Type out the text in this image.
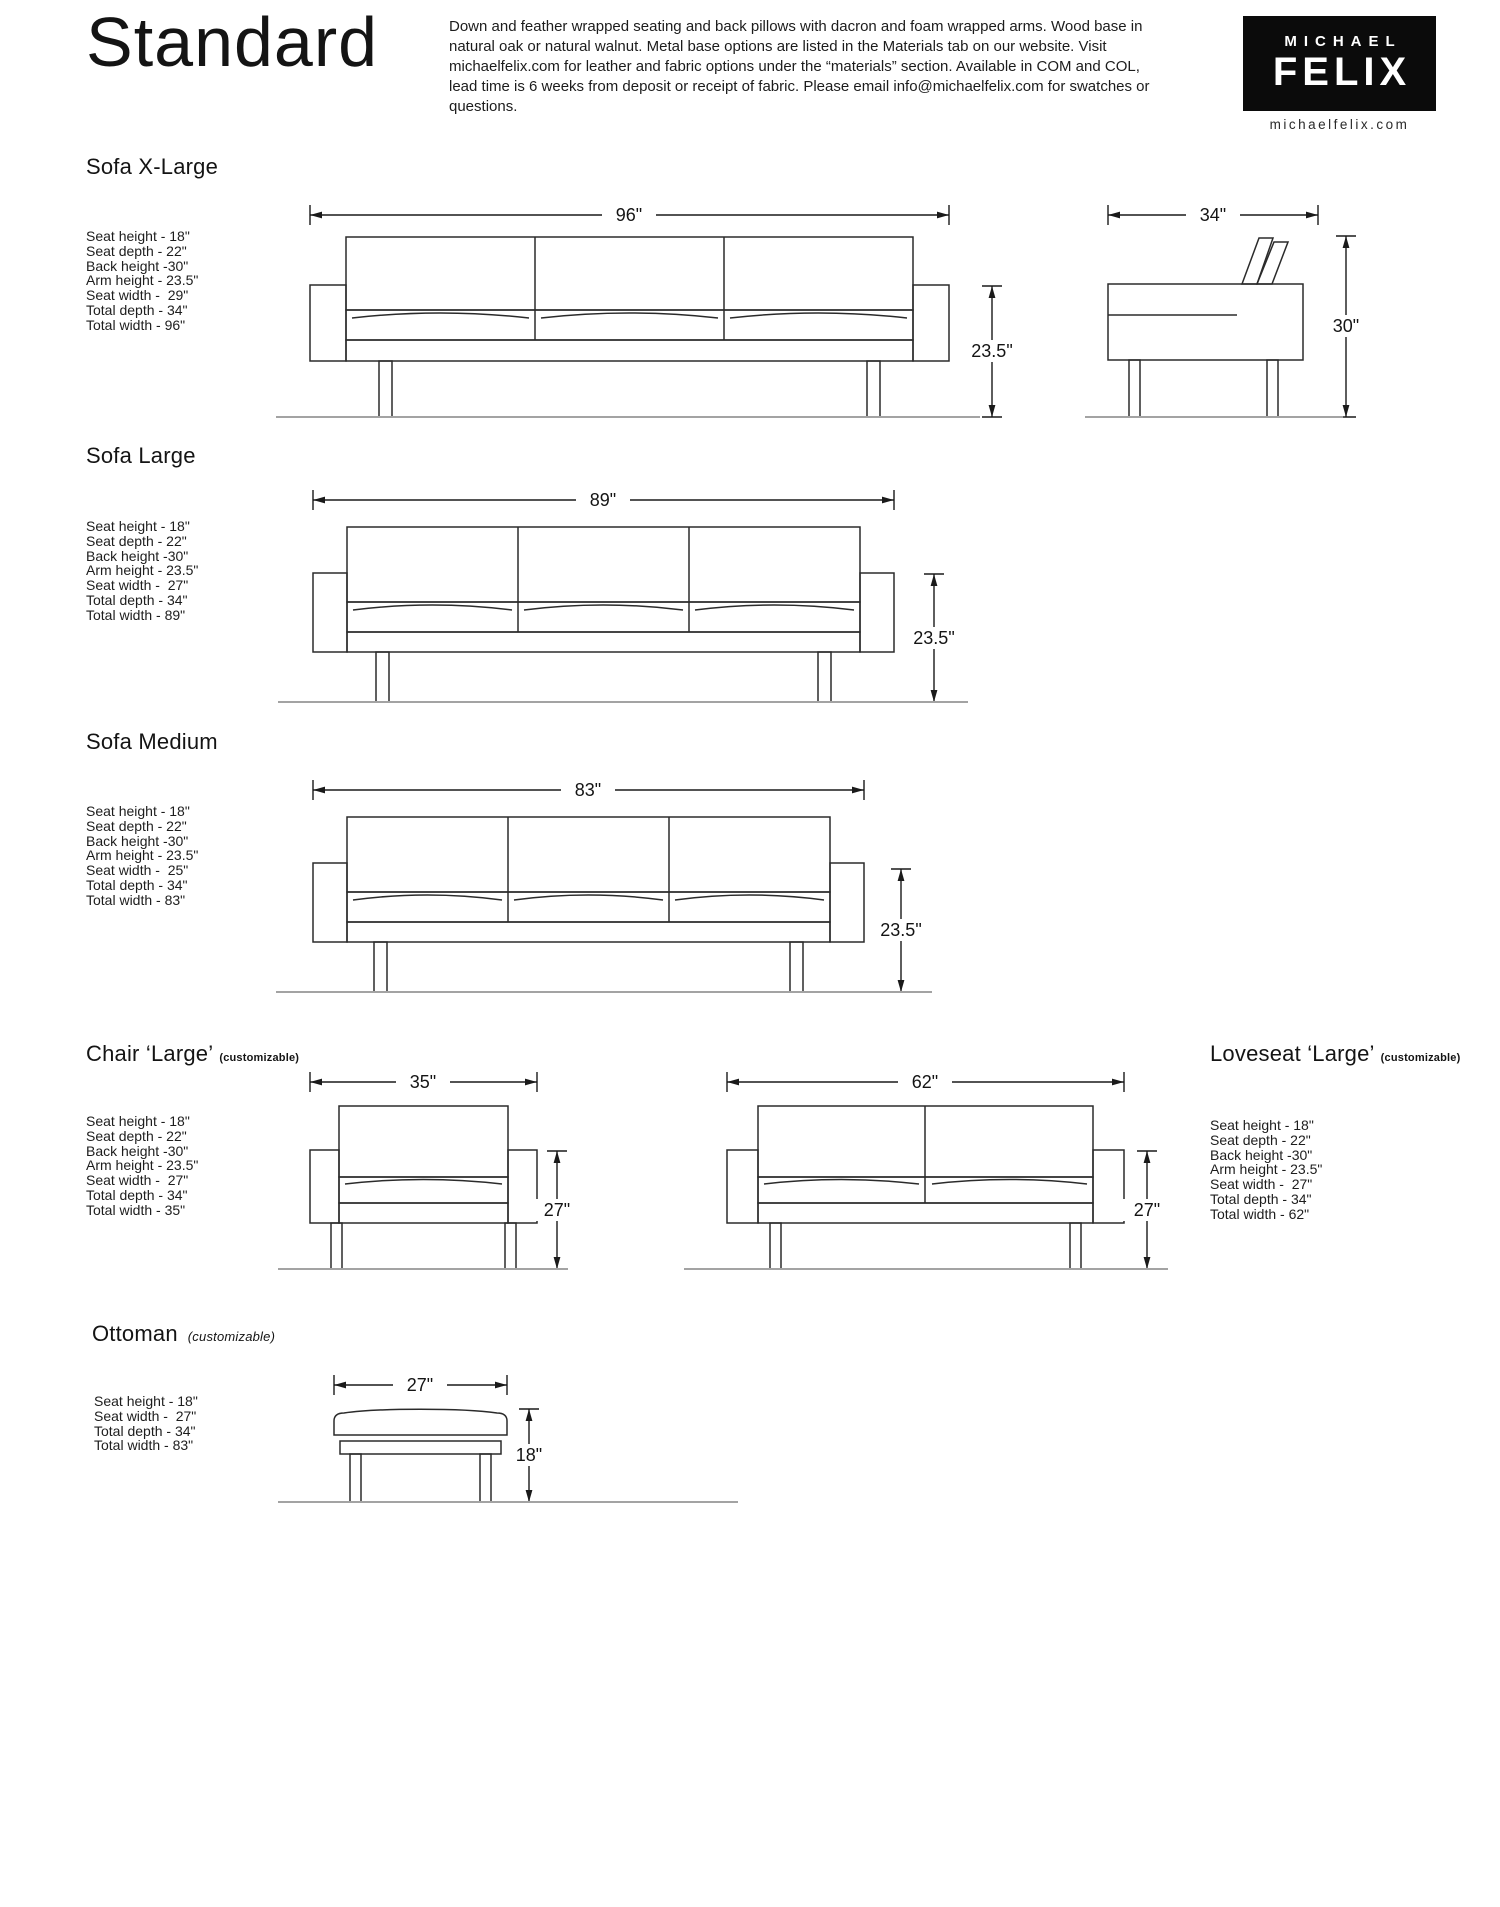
Standard	Down and feather wrapped seating and back pillows with dacron and foam wrapped arms. Wood base in natural oak or natural walnut. Metal base options are listed in the Materials tab on our website. Visit michaelfelix.com for leather and fabric options under the “materials” section. Available in COM and COL, lead time is 6 weeks from deposit or receipt of fabric. Please email info@michaelfelix.com for swatches or questions.
MICHAEL
FELIX
michaelfelix.com
Sofa X-Large
Seat height - 18"
Seat depth - 22"
Back height -30"
Arm height - 23.5"
Seat width -  29"
Total depth - 34"
Total width - 96"
96"	34"
23.5"
30"
Sofa Large
Seat height - 18"
Seat depth - 22"
Back height -30"
Arm height - 23.5"
Seat width -  27"
Total depth - 34"
Total width - 89"
89"
23.5"
Sofa Medium
Seat height - 18"
Seat depth - 22"
Back height -30"
Arm height - 23.5"
Seat width -  25"
Total depth - 34"
Total width - 83"
83"
23.5"
Chair ‘Large’ (customizable)
Seat height - 18"
Seat depth - 22"
Back height -30"
Arm height - 23.5"
Seat width -  27"
Total depth - 34"
Total width - 35"
35"
27"
Loveseat ‘Large’ (customizable)
Seat height - 18"
Seat depth - 22"
Back height -30"
Arm height - 23.5"
Seat width -  27"
Total depth - 34"
Total width - 62"
62"
27"
Ottoman (customizable)
Seat height - 18"
Seat width -  27"
Total depth - 34"
Total width - 83"
27"
18"
